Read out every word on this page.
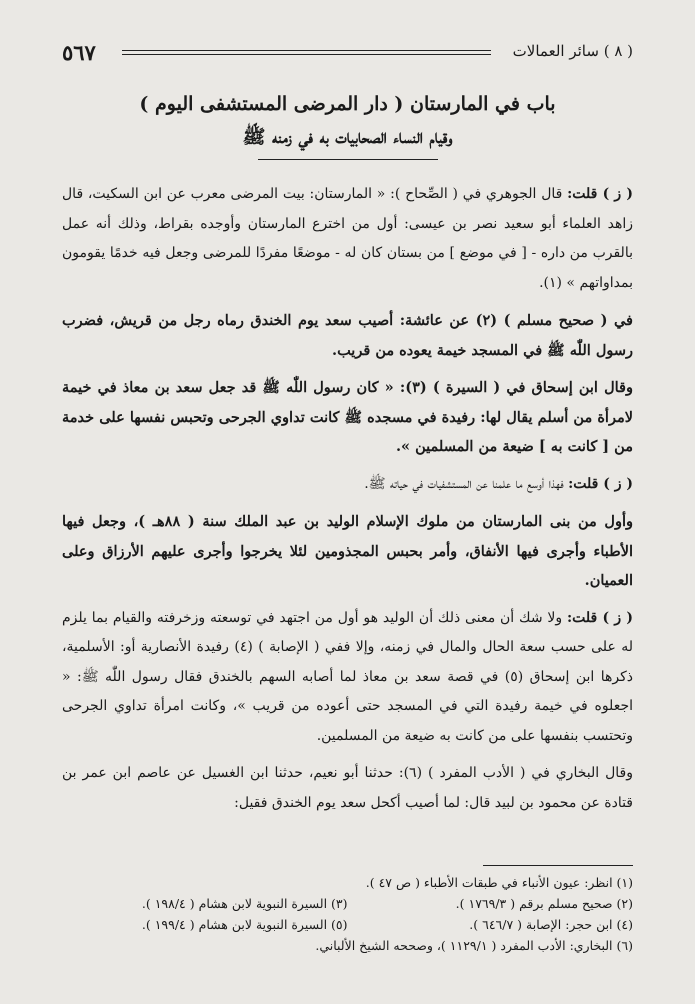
٥٦٧	( ٨ ) سائر العمالات
باب في المارستان ( دار المرضى المستشفى اليوم )
وقيام النساء الصحابيات به في زمنه ﷺ

( ز ) قلت: قال الجوهري في ( الصِّحاح ): « المارستان: بيت المرضى معرب عن ابن السكيت، قال زاهد العلماء أبو سعيد نصر بن عيسى: أول من اخترع المارستان وأوجده بقراط، وذلك أنه عمل بالقرب من داره - [ في موضع ] من بستان كان له - موضعًا مفردًا للمرضى وجعل فيه خدمًا يقومون بمداواتهم » (١).

في ( صحيح مسلم ) (٢) عن عائشة: أصيب سعد يوم الخندق رماه رجل من قريش، فضرب رسول اللّٰه ﷺ في المسجد خيمة يعوده من قريب.

وقال ابن إسحاق في ( السيرة ) (٣): « كان رسول اللّٰه ﷺ قد جعل سعد بن معاذ في خيمة لامرأة من أسلم يقال لها: رفيدة في مسجده ﷺ كانت تداوي الجرحى وتحبس نفسها على خدمة من [ كانت به ] ضيعة من المسلمين ».

( ز ) قلت: فهذا أوسع ما علمنا عن المستشفيات في حياته ﷺ.

وأول من بنى المارستان من ملوك الإسلام الوليد بن عبد الملك سنة ( ٨٨هـ )، وجعل فيها الأطباء وأجرى فيها الأنفاق، وأمر بحبس المجذومين لئلا يخرجوا وأجرى عليهم الأرزاق وعلى العميان.

( ز ) قلت: ولا شك أن معنى ذلك أن الوليد هو أول من اجتهد في توسعته وزخرفته والقيام بما يلزم له على حسب سعة الحال والمال في زمنه، وإلا ففي ( الإصابة ) (٤) رفيدة الأنصارية أو: الأسلمية، ذكرها ابن إسحاق (٥) في قصة سعد بن معاذ لما أصابه السهم بالخندق فقال رسول اللّٰه ﷺ: « اجعلوه في خيمة رفيدة التي في المسجد حتى أعوده من قريب »، وكانت امرأة تداوي الجرحى وتحتسب بنفسها على من كانت به ضيعة من المسلمين.

وقال البخاري في ( الأدب المفرد ) (٦): حدثنا أبو نعيم، حدثنا ابن الغسيل عن عاصم ابن عمر بن قتادة عن محمود بن لبيد قال: لما أصيب أكحل سعد يوم الخندق فقيل:

(١) انظر: عيون الأنباء في طبقات الأطباء ( ص ٤٧ ).
(٢) صحيح مسلم برقم ( ١٧٦٩/٣ ).
(٣) السيرة النبوية لابن هشام ( ١٩٨/٤ ).
(٤) ابن حجر: الإصابة ( ٦٤٦/٧ ).
(٥) السيرة النبوية لابن هشام ( ١٩٩/٤ ).
(٦) البخاري: الأدب المفرد ( ١١٢٩/١ )، وصححه الشيخ الألباني.
